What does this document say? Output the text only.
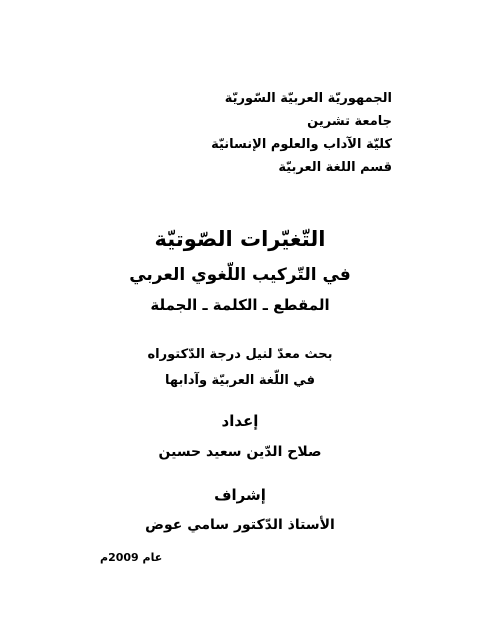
الجمهوريّة العربيّة السّوريّة
جامعة تشرين
كليّة الآداب والعلوم الإنسانيّة
قسم اللغة العربيّة
التّغيّرات الصّوتيّة
في التّركيب اللّغوي العربي
المقطع ـ الكلمة ـ الجملة
بحث معدّ لنيل درجة الدّكتوراه
في اللّغة العربيّة وآدابها
إعداد
صلاح الدّين سعيد حسين
إشراف
الأستاذ الدّكتور سامي عوض
عام 2009م
